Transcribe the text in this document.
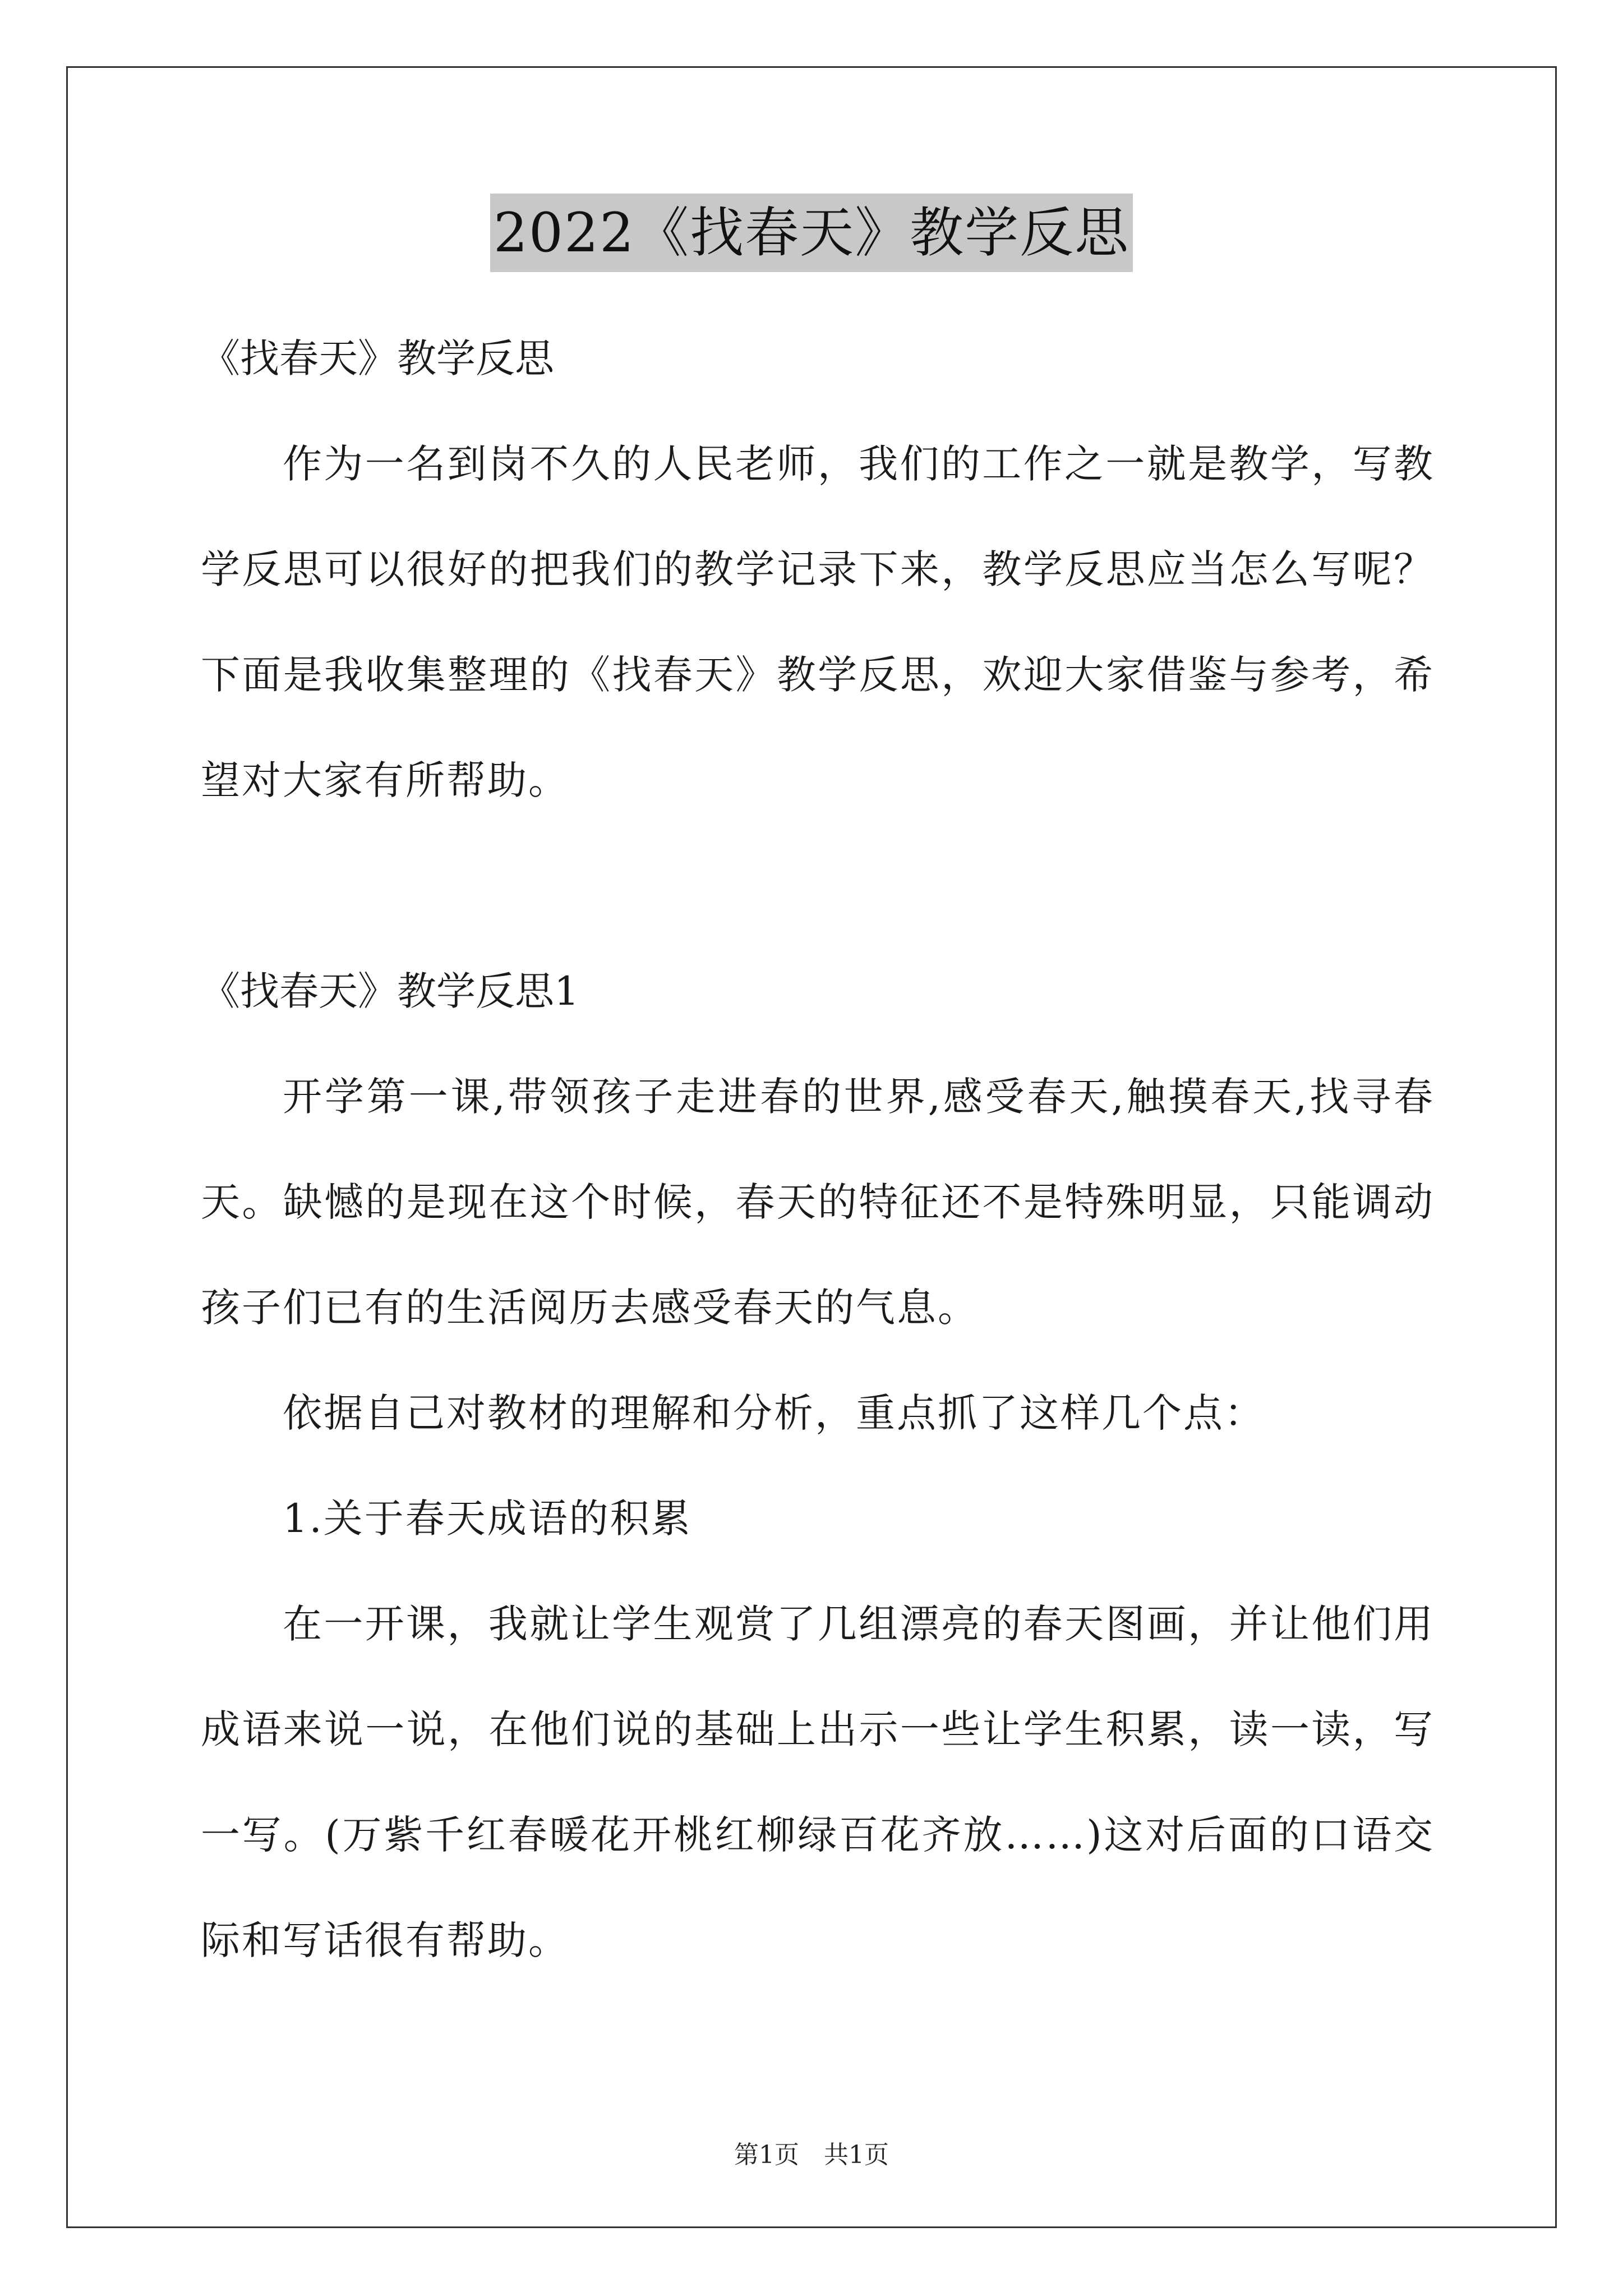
2022《找春天》教学反思

《找春天》教学反思

作为一名到岗不久的人民老师，我们的工作之一就是教学，写教学反思可以很好的把我们的教学记录下来，教学反思应当怎么写呢？下面是我收集整理的《找春天》教学反思，欢迎大家借鉴与参考，希望对大家有所帮助。

《找春天》教学反思1

开学第一课,带领孩子走进春的世界,感受春天,触摸春天,找寻春天。缺憾的是现在这个时候，春天的特征还不是特殊明显，只能调动孩子们已有的生活阅历去感受春天的气息。

依据自己对教材的理解和分析，重点抓了这样几个点：

1.关于春天成语的积累

在一开课，我就让学生观赏了几组漂亮的春天图画，并让他们用成语来说一说，在他们说的基础上出示一些让学生积累，读一读，写一写。(万紫千红春暖花开桃红柳绿百花齐放……)这对后面的口语交际和写话很有帮助。

第1页　共1页
